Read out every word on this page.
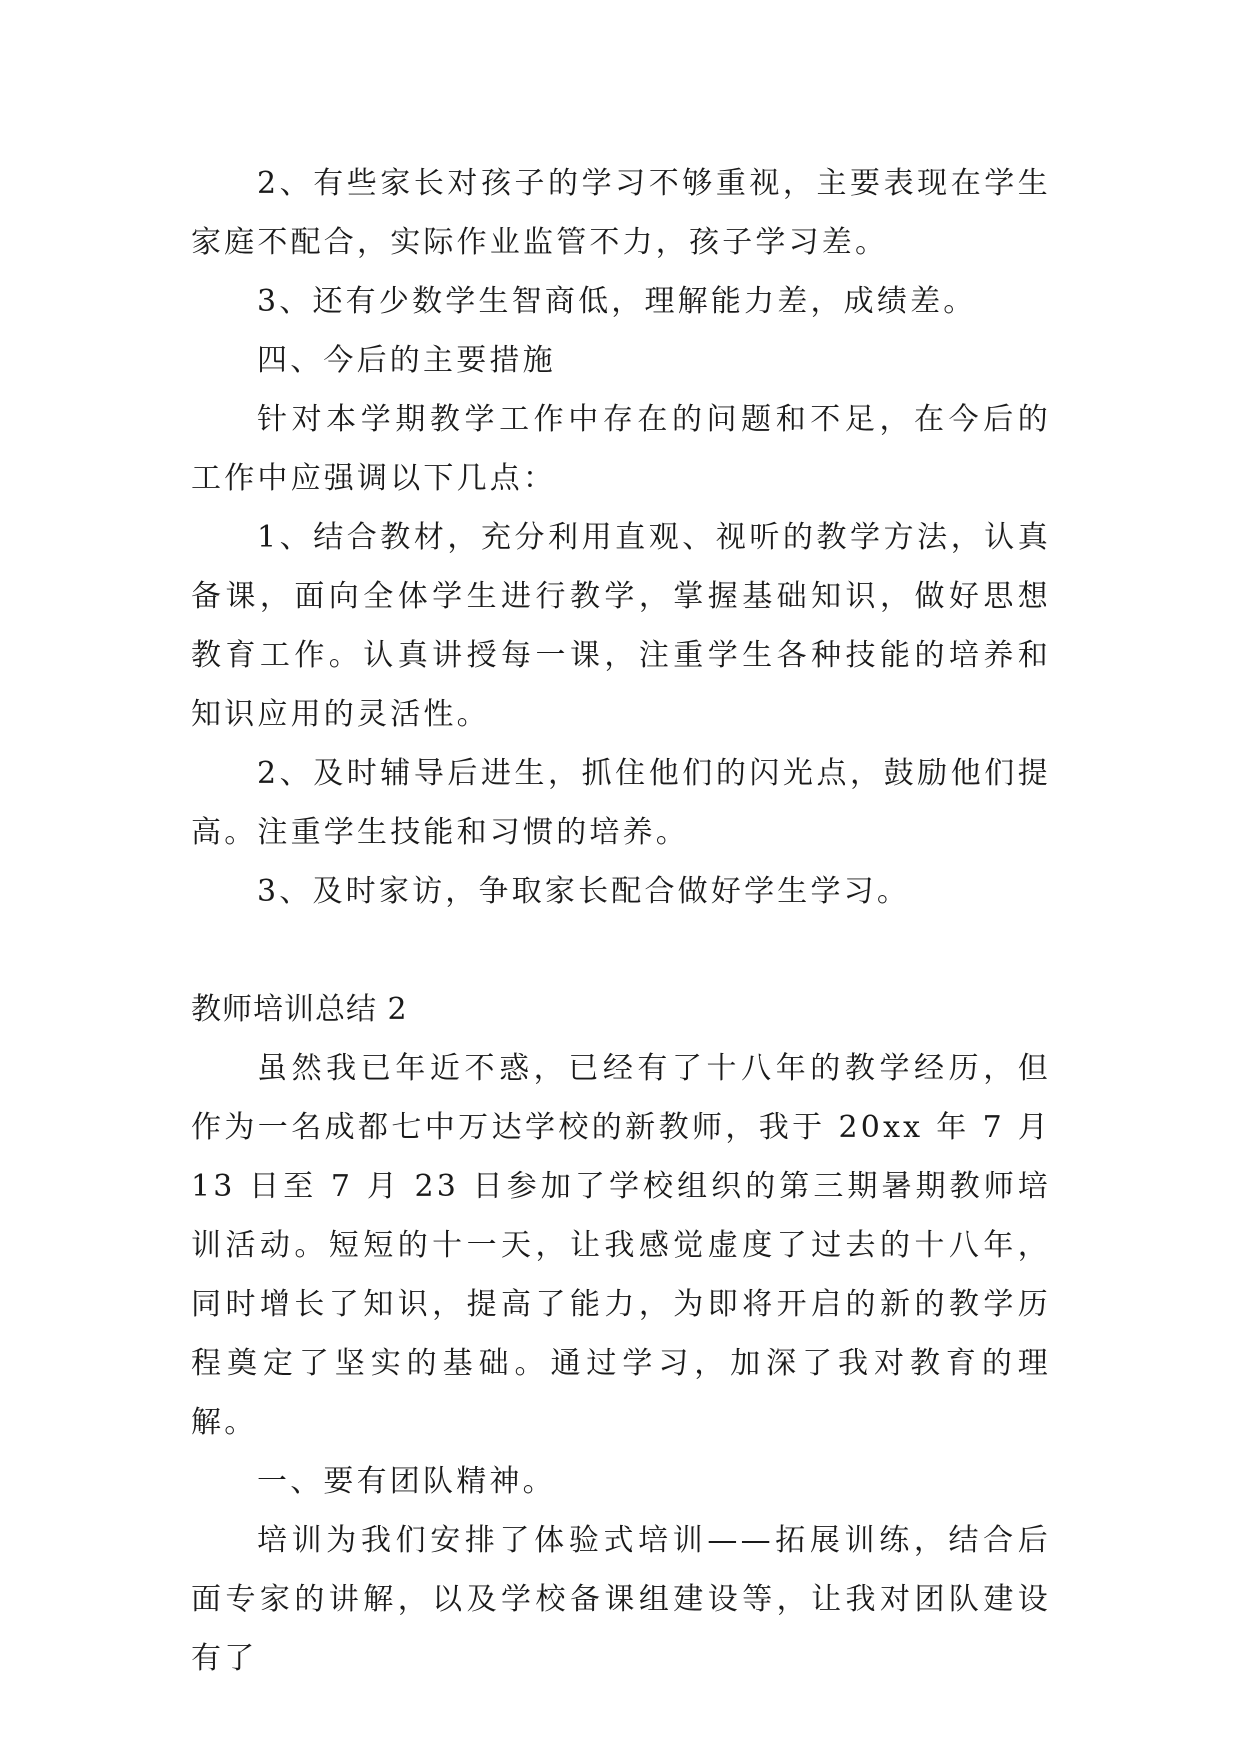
2、有些家长对孩子的学习不够重视，主要表现在学生家庭不配合，实际作业监管不力，孩子学习差。

3、还有少数学生智商低，理解能力差，成绩差。

四、今后的主要措施

针对本学期教学工作中存在的问题和不足，在今后的工作中应强调以下几点：

1、结合教材，充分利用直观、视听的教学方法，认真备课，面向全体学生进行教学，掌握基础知识，做好思想教育工作。认真讲授每一课，注重学生各种技能的培养和知识应用的灵活性。

2、及时辅导后进生，抓住他们的闪光点，鼓励他们提高。注重学生技能和习惯的培养。

3、及时家访，争取家长配合做好学生学习。

教师培训总结 2

虽然我已年近不惑，已经有了十八年的教学经历，但作为一名成都七中万达学校的新教师，我于 20xx 年 7 月 13 日至 7 月 23 日参加了学校组织的第三期暑期教师培训活动。短短的十一天，让我感觉虚度了过去的十八年，同时增长了知识，提高了能力，为即将开启的新的教学历程奠定了坚实的基础。通过学习，加深了我对教育的理解。

一、要有团队精神。

培训为我们安排了体验式培训——拓展训练，结合后面专家的讲解，以及学校备课组建设等，让我对团队建设有了
